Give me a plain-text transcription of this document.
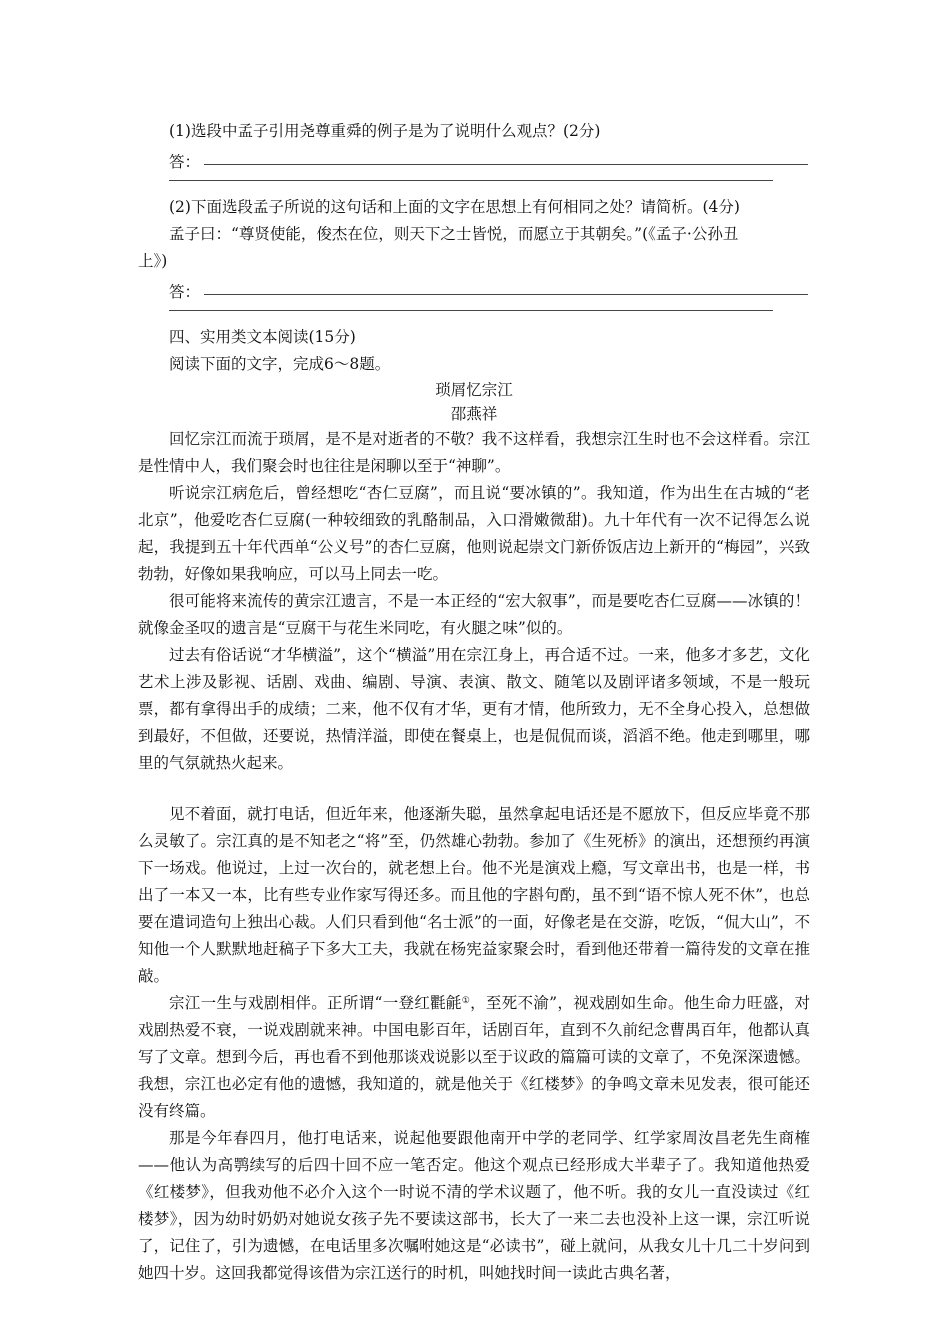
(1)选段中孟子引用尧尊重舜的例子是为了说明什么观点？(2分)
答：
(2)下面选段孟子所说的这句话和上面的文字在思想上有何相同之处？请简析。(4分)
孟子曰：“尊贤使能，俊杰在位，则天下之士皆悦，而愿立于其朝矣。”(《孟子·公孙丑
上》)
答：
四、实用类文本阅读(15分)
阅读下面的文字，完成6～8题。
琐屑忆宗江
邵燕祥
回忆宗江而流于琐屑，是不是对逝者的不敬？我不这样看，我想宗江生时也不会这样看。宗江是性情中人，我们聚会时也往往是闲聊以至于“神聊”。
听说宗江病危后，曾经想吃“杏仁豆腐”，而且说“要冰镇的”。我知道，作为出生在古城的“老北京”，他爱吃杏仁豆腐(一种较细致的乳酪制品，入口滑嫩微甜)。九十年代有一次不记得怎么说起，我提到五十年代西单“公义号”的杏仁豆腐，他则说起崇文门新侨饭店边上新开的“梅园”，兴致勃勃，好像如果我响应，可以马上同去一吃。
很可能将来流传的黄宗江遗言，不是一本正经的“宏大叙事”，而是要吃杏仁豆腐——冰镇的！就像金圣叹的遗言是“豆腐干与花生米同吃，有火腿之味”似的。
过去有俗话说“才华横溢”，这个“横溢”用在宗江身上，再合适不过。一来，他多才多艺，文化艺术上涉及影视、话剧、戏曲、编剧、导演、表演、散文、随笔以及剧评诸多领域，不是一般玩票，都有拿得出手的成绩；二来，他不仅有才华，更有才情，他所致力，无不全身心投入，总想做到最好，不但做，还要说，热情洋溢，即使在餐桌上，也是侃侃而谈，滔滔不绝。他走到哪里，哪里的气氛就热火起来。
见不着面，就打电话，但近年来，他逐渐失聪，虽然拿起电话还是不愿放下，但反应毕竟不那么灵敏了。宗江真的是不知老之“将”至，仍然雄心勃勃。参加了《生死桥》的演出，还想预约再演下一场戏。他说过，上过一次台的，就老想上台。他不光是演戏上瘾，写文章出书，也是一样，书出了一本又一本，比有些专业作家写得还多。而且他的字斟句酌，虽不到“语不惊人死不休”，也总要在遣词造句上独出心裁。人们只看到他“名士派”的一面，好像老是在交游，吃饭，“侃大山”，不知他一个人默默地赶稿子下多大工夫，我就在杨宪益家聚会时，看到他还带着一篇待发的文章在推敲。
宗江一生与戏剧相伴。正所谓“一登红氍毹①，至死不渝”，视戏剧如生命。他生命力旺盛，对戏剧热爱不衰，一说戏剧就来神。中国电影百年，话剧百年，直到不久前纪念曹禺百年，他都认真写了文章。想到今后，再也看不到他那谈戏说影以至于议政的篇篇可读的文章了，不免深深遗憾。我想，宗江也必定有他的遗憾，我知道的，就是他关于《红楼梦》的争鸣文章未见发表，很可能还没有终篇。
那是今年春四月，他打电话来，说起他要跟他南开中学的老同学、红学家周汝昌老先生商榷——他认为高鹗续写的后四十回不应一笔否定。他这个观点已经形成大半辈子了。我知道他热爱《红楼梦》，但我劝他不必介入这个一时说不清的学术议题了，他不听。我的女儿一直没读过《红楼梦》，因为幼时奶奶对她说女孩子先不要读这部书，长大了一来二去也没补上这一课，宗江听说了，记住了，引为遗憾，在电话里多次嘱咐她这是“必读书”，碰上就问，从我女儿十几二十岁问到她四十岁。这回我都觉得该借为宗江送行的时机，叫她找时间一读此古典名著，
